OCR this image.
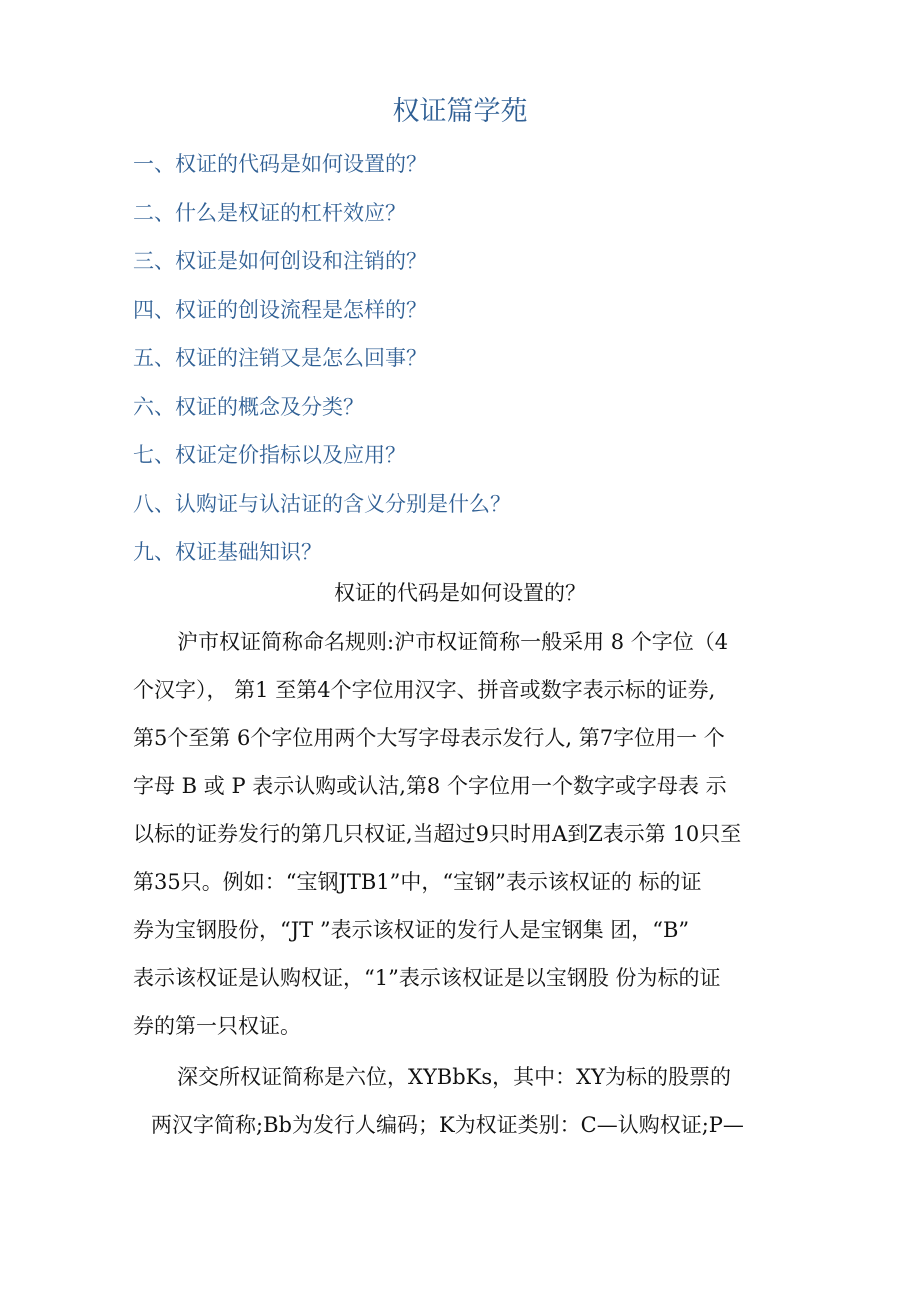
权证篇学苑
一、权证的代码是如何设置的？
二、什么是权证的杠杆效应？
三、权证是如何创设和注销的？
四、权证的创设流程是怎样的？
五、权证的注销又是怎么回事？
六、权证的概念及分类？
七、权证定价指标以及应用？
八、认购证与认沽证的含义分别是什么？
九、权证基础知识？
权证的代码是如何设置的？
沪市权证简称命名规则:沪市权证简称一般采用 8 个字位（4
个汉字）， 第1 至第4个字位用汉字、拼音或数字表示标的证券,
第5个至第 6个字位用两个大写字母表示发行人, 第7字位用一 个
字母 B 或 P 表示认购或认沽,第8 个字位用一个数字或字母表 示
以标的证券发行的第几只权证,当超过9只时用A到Z表示第 10只至
第35只。例如：“宝钢JTB1”中，“宝钢”表示该权证的 标的证
券为宝钢股份，“JT ”表示该权证的发行人是宝钢集 团，“B”
表示该权证是认购权证，“1”表示该权证是以宝钢股 份为标的证
券的第一只权证。
深交所权证简称是六位，XYBbKs，其中：XY为标的股票的
两汉字简称;Bb为发行人编码；K为权证类别：C—认购权证;P—
